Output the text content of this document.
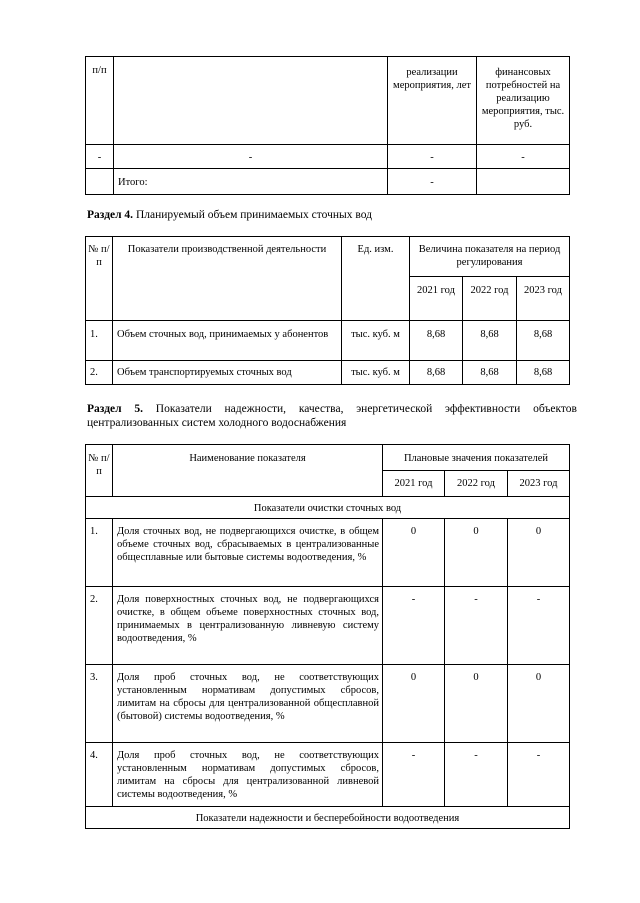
п/п		реализации мероприятия, лет	финансовых потребностей на реализацию мероприятия, тыс. руб.
-	-	-	-
	Итого:	-	
Раздел 4. Планируемый объем принимаемых сточных вод
№ п/п	Показатели производственной деятельности	Ед. изм.	Величина показателя на период регулирования		
			2021 год	2022 год	2023 год
1.	Объем сточных вод, принимаемых у абонентов	тыс. куб. м	8,68	8,68	8,68
2.	Объем транспортируемых сточных вод	тыс. куб. м	8,68	8,68	8,68
Раздел 5. Показатели надежности, качества, энергетической эффективности объектов централизованных систем холодного водоснабжения
№ п/п	Наименование показателя	Плановые значения показателей		
		2021 год	2022 год	2023 год
Показатели очистки сточных вод				
1.	Доля сточных вод, не подвергающихся очистке, в общем объеме сточных вод, сбрасываемых в централизованные общесплавные или бытовые системы водоотведения, %	0	0	0
2.	Доля поверхностных сточных вод, не подвергающихся очистке, в общем объеме поверхностных сточных вод, принимаемых в централизованную ливневую систему водоотведения, %	-	-	-
3.	Доля проб сточных вод, не соответствующих установленным нормативам допустимых сбросов, лимитам на сбросы для централизованной общесплавной (бытовой) системы водоотведения, %	0	0	0
4.	Доля проб сточных вод, не соответствующих установленным нормативам допустимых сбросов, лимитам на сбросы для централизованной ливневой системы водоотведения, %	-	-	-
Показатели надежности и бесперебойности водоотведения				
